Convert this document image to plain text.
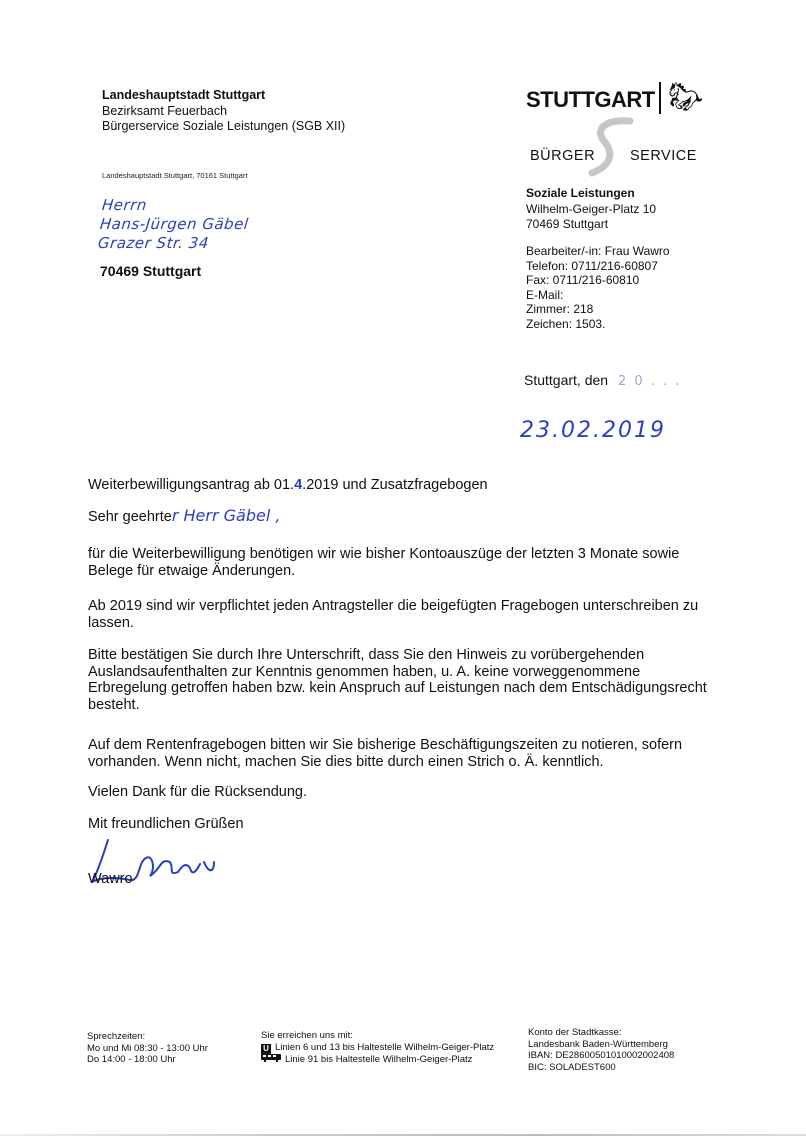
Landeshauptstadt Stuttgart
Bezirksamt Feuerbach
Bürgerservice Soziale Leistungen (SGB XII)
Landeshauptstadt Stuttgart, 70161 Stuttgart
Herrn
Hans-Jürgen Gäbel
Grazer Str. 34
70469 Stuttgart
STUTTGART 🐎︎
BÜRGER SERVICE
Soziale Leistungen
Wilhelm-Geiger-Platz 10
70469 Stuttgart
Bearbeiter/-in: Frau Wawro
Telefon: 0711/216-60807
Fax: 0711/216-60810
E-Mail:
Zimmer: 218
Zeichen: 1503.
Stuttgart, den 2 0 . . .
23.02.2019
Weiterbewilligungsantrag ab 01.4.2019 und Zusatzfragebogen
Sehr geehrter Herr Gäbel ,
für die Weiterbewilligung benötigen wir wie bisher Kontoauszüge der letzten 3 Monate sowie Belege für etwaige Änderungen.
Ab 2019 sind wir verpflichtet jeden Antragsteller die beigefügten Fragebogen unterschreiben zu lassen.
Bitte bestätigen Sie durch Ihre Unterschrift, dass Sie den Hinweis zu vorübergehenden Auslandsaufenthalten zur Kenntnis genommen haben, u. A. keine vorweggenommene Erbregelung getroffen haben bzw. kein Anspruch auf Leistungen nach dem Entschädigungsrecht besteht.
Auf dem Rentenfragebogen bitten wir Sie bisherige Beschäftigungszeiten zu notieren, sofern vorhanden. Wenn nicht, machen Sie dies bitte durch einen Strich o. Ä. kenntlich.
Vielen Dank für die Rücksendung.
Mit freundlichen Grüßen
Wawro
Sprechzeiten:
Mo und Mi 08:30 - 13:00 Uhr
Do 14:00 - 18:00 Uhr
Sie erreichen uns mit:
U Linien 6 und 13 bis Haltestelle Wilhelm-Geiger-Platz
Linie 91 bis Haltestelle Wilhelm-Geiger-Platz
Konto der Stadtkasse:
Landesbank Baden-Württemberg
IBAN: DE28600501010002002408
BIC: SOLADEST600
